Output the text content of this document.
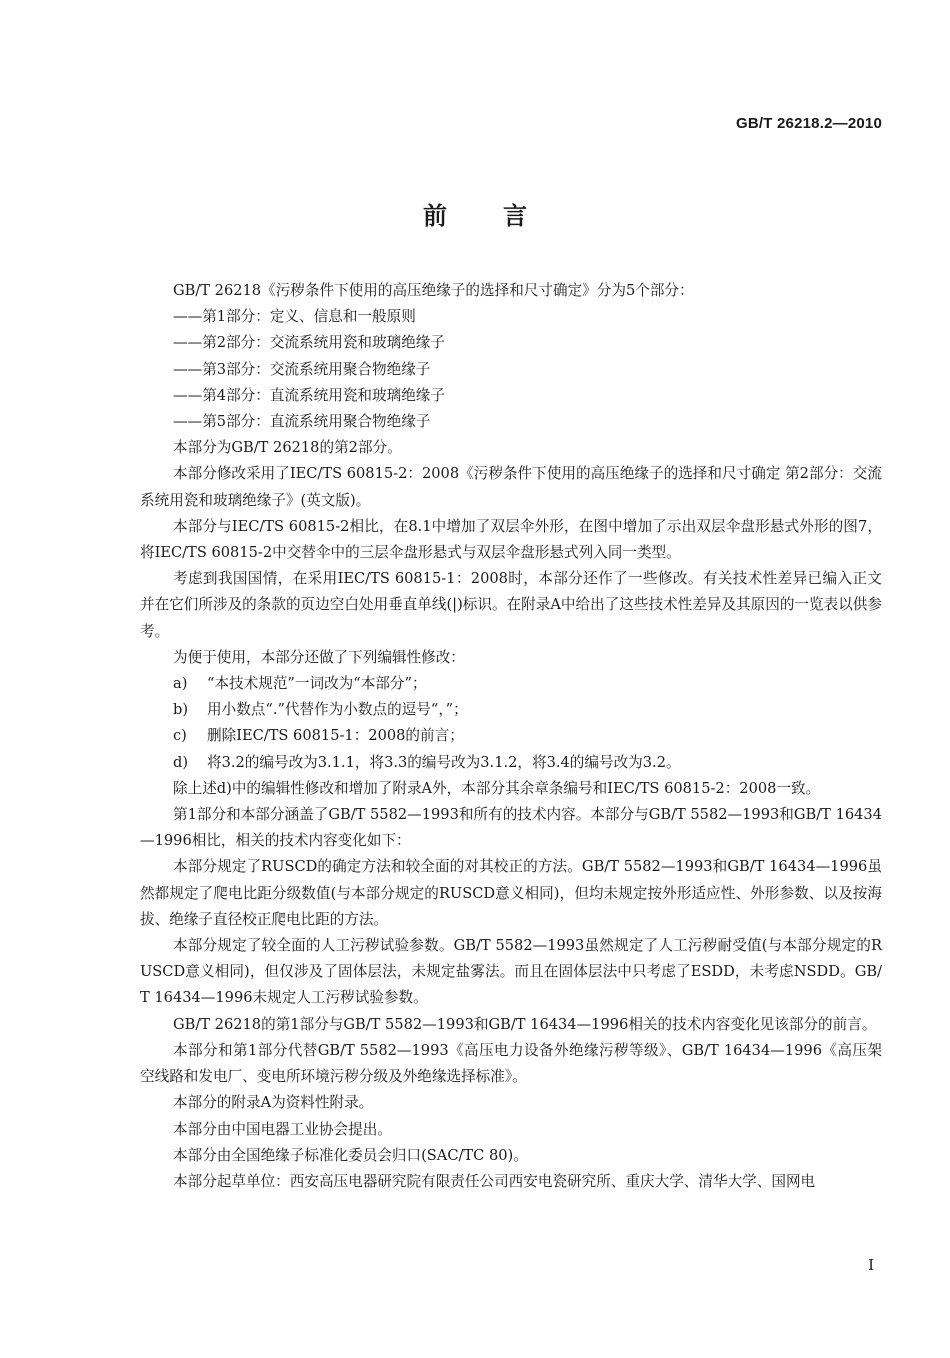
GB/T 26218.2—2010
前言

GB/T 26218《污秽条件下使用的高压绝缘子的选择和尺寸确定》分为5个部分：

——第1部分：定义、信息和一般原则

——第2部分：交流系统用瓷和玻璃绝缘子

——第3部分：交流系统用聚合物绝缘子

——第4部分：直流系统用瓷和玻璃绝缘子

——第5部分：直流系统用聚合物绝缘子

本部分为GB/T 26218的第2部分。

本部分修改采用了IEC/TS 60815-2：2008《污秽条件下使用的高压绝缘子的选择和尺寸确定 第2部分：交流系统用瓷和玻璃绝缘子》(英文版)。

本部分与IEC/TS 60815-2相比，在8.1中增加了双层伞外形，在图中增加了示出双层伞盘形悬式外形的图7，将IEC/TS 60815-2中交替伞中的三层伞盘形悬式与双层伞盘形悬式列入同一类型。

考虑到我国国情，在采用IEC/TS 60815-1：2008时，本部分还作了一些修改。有关技术性差异已编入正文并在它们所涉及的条款的页边空白处用垂直单线(|)标识。在附录A中给出了这些技术性差异及其原因的一览表以供参考。

为便于使用，本部分还做了下列编辑性修改：

a) “本技术规范”一词改为“本部分”；

b) 用小数点“.”代替作为小数点的逗号“，”；

c) 删除IEC/TS 60815-1：2008的前言；

d) 将3.2的编号改为3.1.1，将3.3的编号改为3.1.2，将3.4的编号改为3.2。

除上述d)中的编辑性修改和增加了附录A外，本部分其余章条编号和IEC/TS 60815-2：2008一致。

第1部分和本部分涵盖了GB/T 5582—1993和所有的技术内容。本部分与GB/T 5582—1993和GB/T 16434—1996相比，相关的技术内容变化如下：

本部分规定了RUSCD的确定方法和较全面的对其校正的方法。GB/T 5582—1993和GB/T 16434—1996虽然都规定了爬电比距分级数值(与本部分规定的RUSCD意义相同)，但均未规定按外形适应性、外形参数、以及按海拔、绝缘子直径校正爬电比距的方法。

本部分规定了较全面的人工污秽试验参数。GB/T 5582—1993虽然规定了人工污秽耐受值(与本部分规定的RUSCD意义相同)，但仅涉及了固体层法，未规定盐雾法。而且在固体层法中只考虑了ESDD，未考虑NSDD。GB/T 16434—1996未规定人工污秽试验参数。

GB/T 26218的第1部分与GB/T 5582—1993和GB/T 16434—1996相关的技术内容变化见该部分的前言。

本部分和第1部分代替GB/T 5582—1993《高压电力设备外绝缘污秽等级》、GB/T 16434—1996《高压架空线路和发电厂、变电所环境污秽分级及外绝缘选择标准》。

本部分的附录A为资料性附录。

本部分由中国电器工业协会提出。

本部分由全国绝缘子标准化委员会归口(SAC/TC 80)。

本部分起草单位：西安高压电器研究院有限责任公司西安电瓷研究所、重庆大学、清华大学、国网电

I
